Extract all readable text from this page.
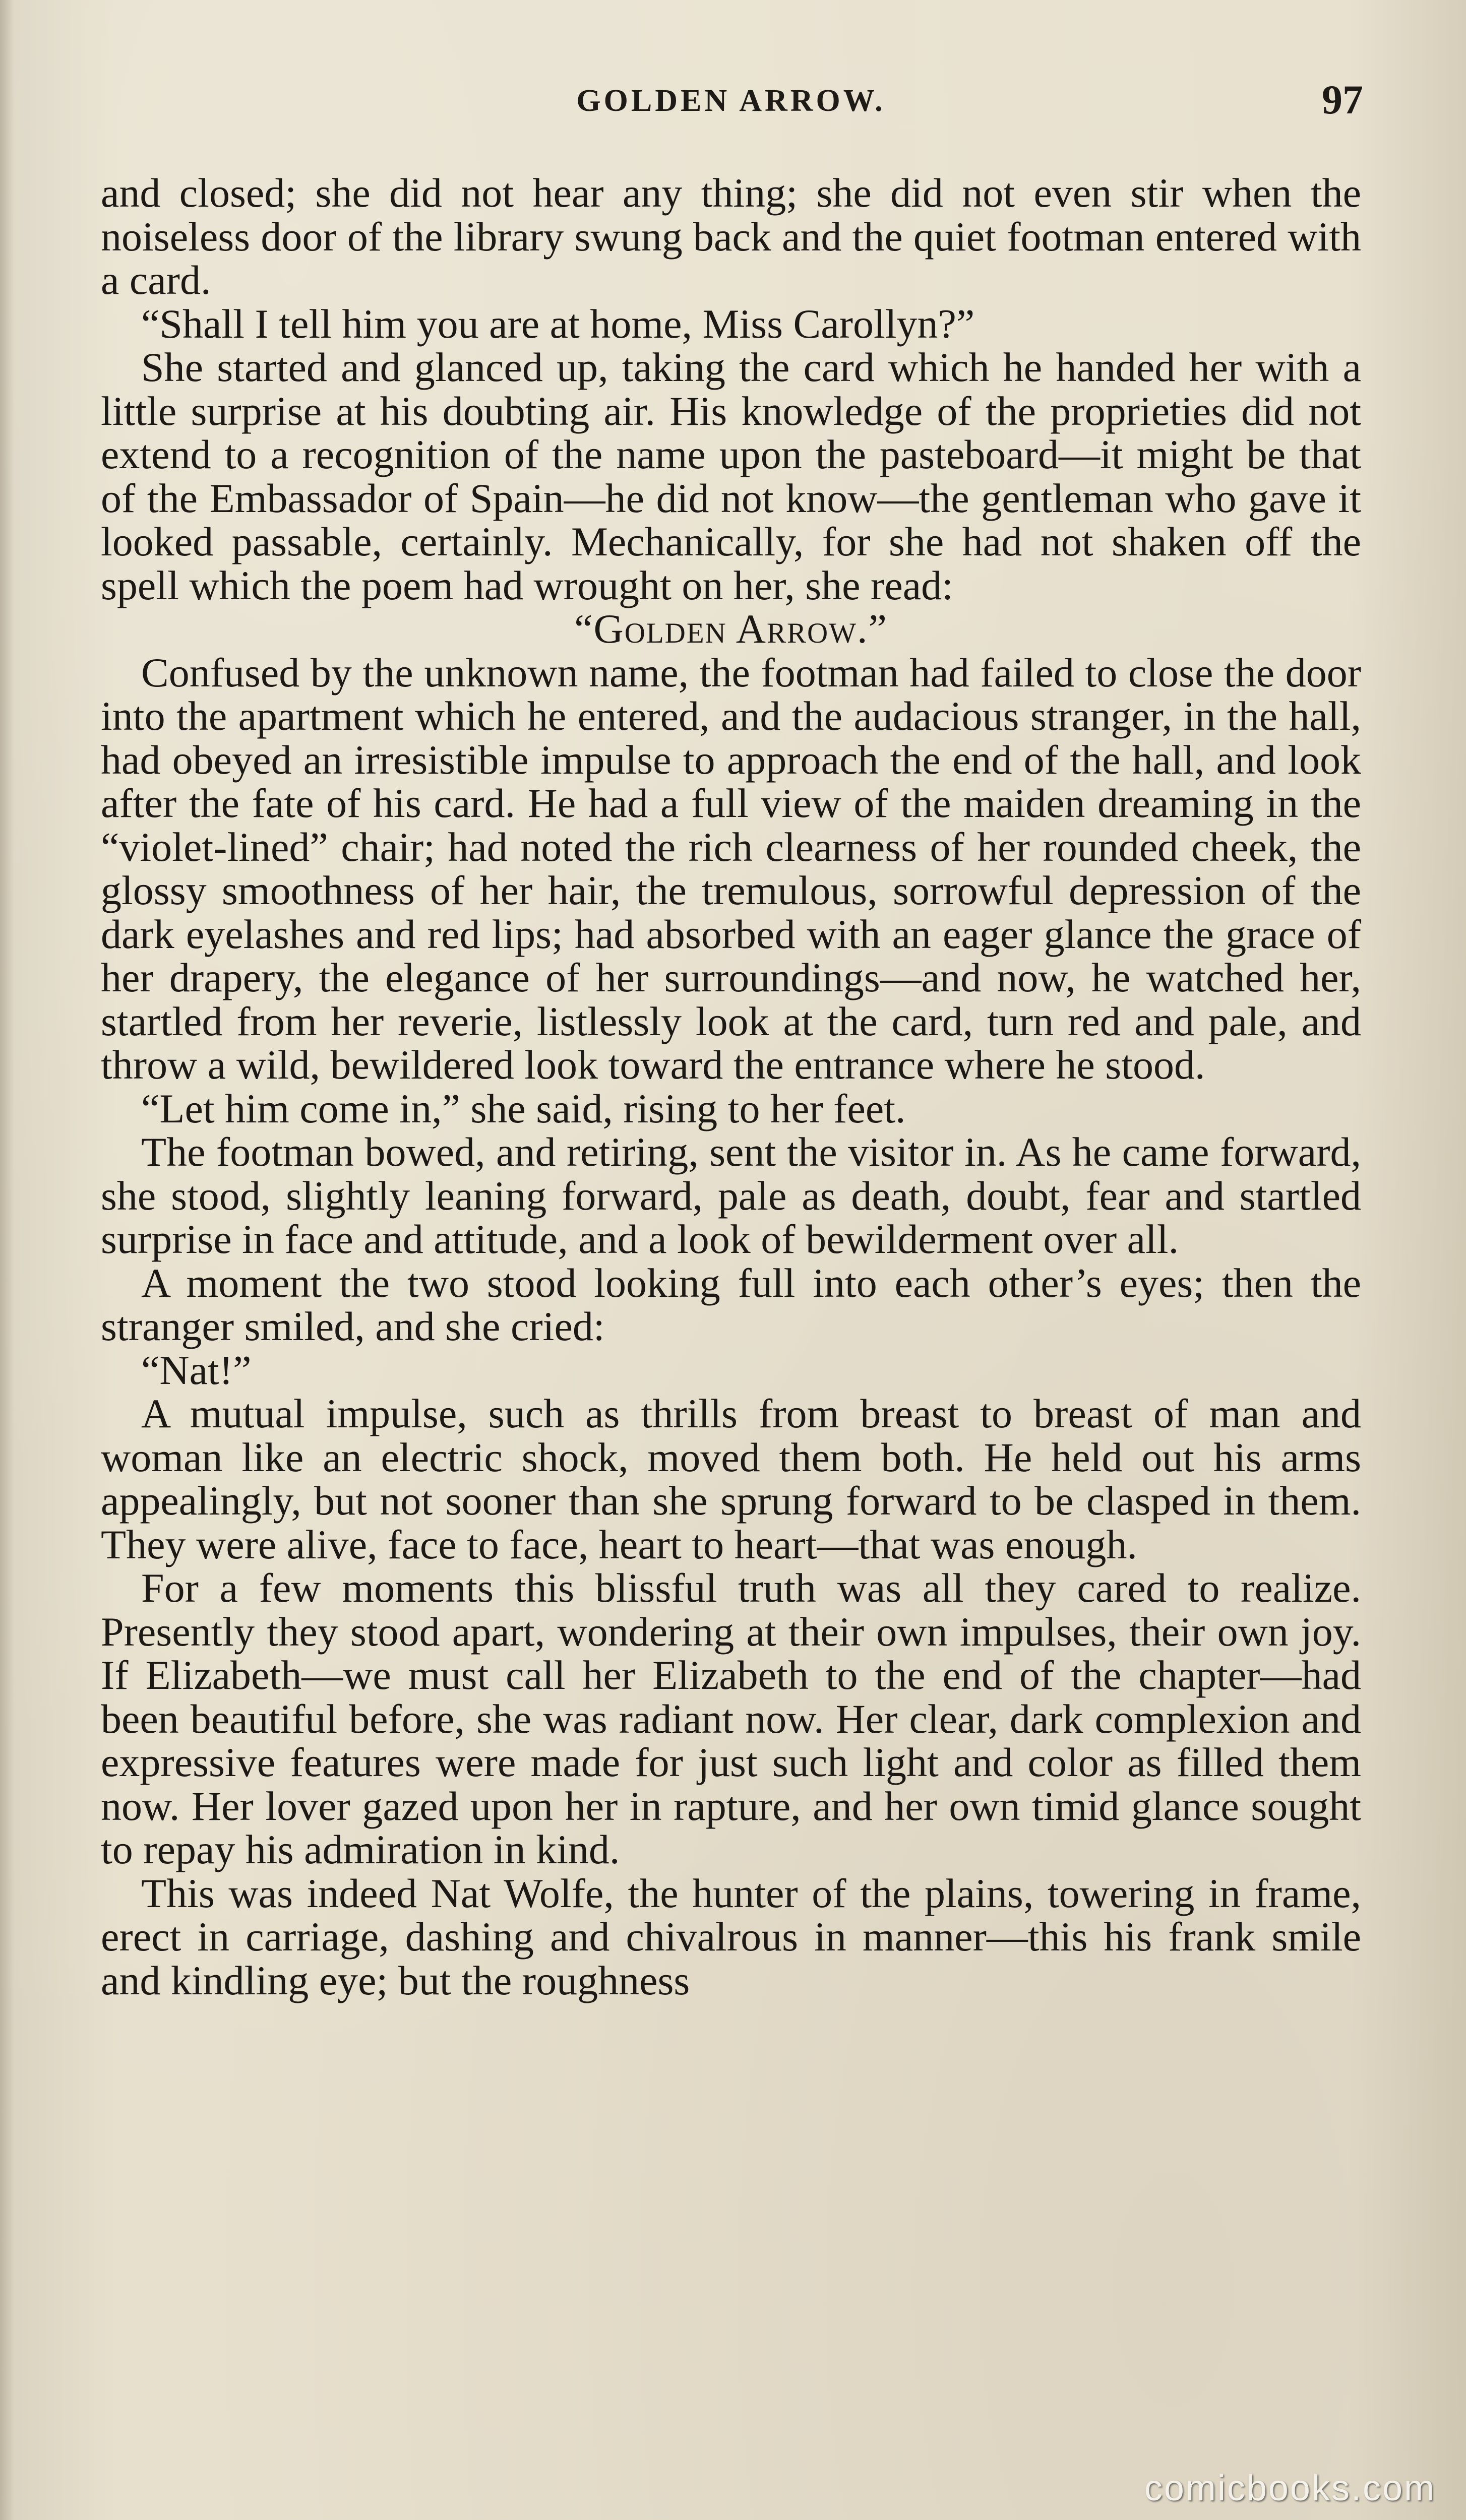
GOLDEN ARROW.	97

and closed; she did not hear any thing; she did not even stir when the noiseless door of the library swung back and the quiet footman entered with a card.

“Shall I tell him you are at home, Miss Carollyn?”

She started and glanced up, taking the card which he handed her with a little surprise at his doubting air. His knowledge of the proprieties did not extend to a recognition of the name upon the pasteboard—it might be that of the Embassador of Spain—he did not know—the gentleman who gave it looked passable, certainly. Mechanically, for she had not shaken off the spell which the poem had wrought on her, she read:

“Golden Arrow.”

Confused by the unknown name, the footman had failed to close the door into the apartment which he entered, and the audacious stranger, in the hall, had obeyed an irresistible impulse to approach the end of the hall, and look after the fate of his card. He had a full view of the maiden dreaming in the “violet-lined” chair; had noted the rich clearness of her rounded cheek, the glossy smoothness of her hair, the tremulous, sorrowful depression of the dark eyelashes and red lips; had absorbed with an eager glance the grace of her drapery, the elegance of her surroundings—and now, he watched her, startled from her reverie, listlessly look at the card, turn red and pale, and throw a wild, bewildered look toward the entrance where he stood.

“Let him come in,” she said, rising to her feet.

The footman bowed, and retiring, sent the visitor in. As he came forward, she stood, slightly leaning forward, pale as death, doubt, fear and startled surprise in face and attitude, and a look of bewilderment over all.

A moment the two stood looking full into each other’s eyes; then the stranger smiled, and she cried:

“Nat!”

A mutual impulse, such as thrills from breast to breast of man and woman like an electric shock, moved them both. He held out his arms appealingly, but not sooner than she sprung forward to be clasped in them. They were alive, face to face, heart to heart—that was enough.

For a few moments this blissful truth was all they cared to realize. Presently they stood apart, wondering at their own impulses, their own joy. If Elizabeth—we must call her Elizabeth to the end of the chapter—had been beautiful before, she was radiant now. Her clear, dark complexion and expressive features were made for just such light and color as filled them now. Her lover gazed upon her in rapture, and her own timid glance sought to repay his admiration in kind.

This was indeed Nat Wolfe, the hunter of the plains, towering in frame, erect in carriage, dashing and chivalrous in manner—this his frank smile and kindling eye; but the roughness

comicbooks.com
